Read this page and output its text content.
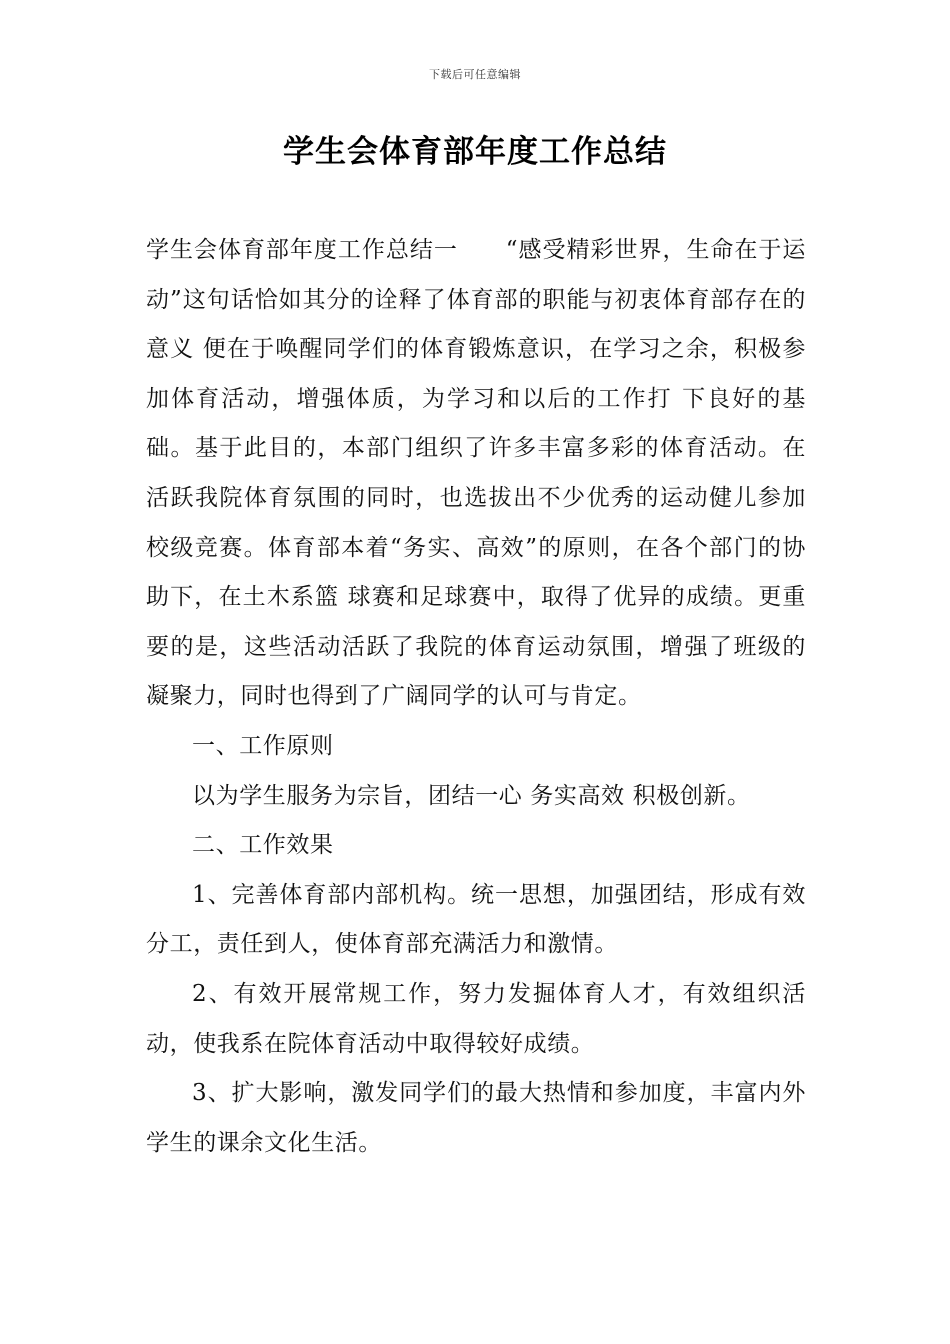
下载后可任意编辑
学生会体育部年度工作总结

学生会体育部年度工作总结一　　“感受精彩世界，生命在于运动”这句话恰如其分的诠释了体育部的职能与初衷体育部存在的意义 便在于唤醒同学们的体育锻炼意识，在学习之余，积极参加体育活动，增强体质，为学习和以后的工作打 下良好的基础。基于此目的，本部门组织了许多丰富多彩的体育活动。在活跃我院体育氛围的同时，也选拔出不少优秀的运动健儿参加校级竞赛。体育部本着“务实、高效”的原则，在各个部门的协助下，在土木系篮 球赛和足球赛中，取得了优异的成绩。更重要的是，这些活动活跃了我院的体育运动氛围，增强了班级的 凝聚力，同时也得到了广阔同学的认可与肯定。

一、工作原则

以为学生服务为宗旨，团结一心 务实高效 积极创新。

二、工作效果

1、完善体育部内部机构。统一思想，加强团结，形成有效分工，责任到人，使体育部充满活力和激情。

2、有效开展常规工作，努力发掘体育人才，有效组织活动，使我系在院体育活动中取得较好成绩。

3、扩大影响，激发同学们的最大热情和参加度，丰富内外学生的课余文化生活。
